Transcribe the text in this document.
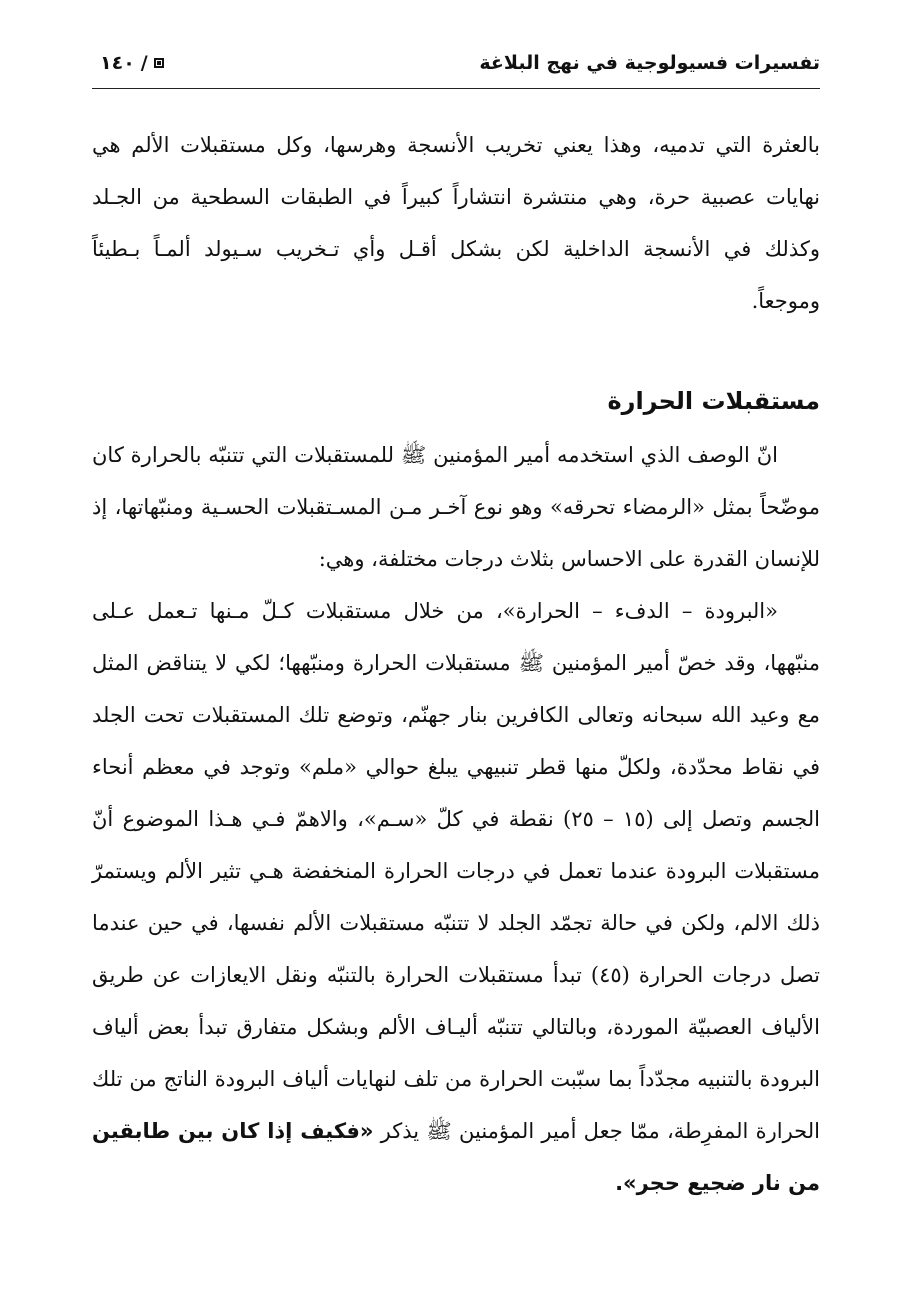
تفسيرات فسيولوجية في نهج البلاغة
١٤٠ /

بالعثرة التي تدميه، وهذا يعني تخريب الأنسجة وهرسها، وكل مستقبلات الألم هي نهايات عصبية حرة، وهي منتشرة انتشاراً كبيراً في الطبقات السطحية من الجـلد وكذلك في الأنسجة الداخلية لكن بشكل أقـل وأي تـخريب سـيولد ألمـاً بـطيئاً وموجعاً.

مستقبلات الحرارة

انّ الوصف الذي استخدمه أمير المؤمنين ﷺ للمستقبلات التي تتنبّه بالحرارة كان موضّحاً بمثل «الرمضاء تحرقه» وهو نوع آخـر مـن المسـتقبلات الحسـية ومنبّهاتها، إذ للإنسان القدرة على الاحساس بثلاث درجات مختلفة، وهي:

«البرودة – الدفء – الحرارة»، من خلال مستقبلات كـلّ مـنها تـعمل عـلى منبّهها، وقد خصّ أمير المؤمنين ﷺ مستقبلات الحرارة ومنبّهها؛ لكي لا يتناقض المثل مع وعيد الله سبحانه وتعالى الكافرين بنار جهنّم، وتوضع تلك المستقبلات تحت الجلد في نقاط محدّدة، ولكلّ منها قطر تنبيهي يبلغ حوالي «ملم» وتوجد في معظم أنحاء الجسم وتصل إلى (١٥ – ٢٥) نقطة في كلّ «سـم»، والاهمّ فـي هـذا الموضوع أنّ مستقبلات البرودة عندما تعمل في درجات الحرارة المنخفضة هـي تثير الألم ويستمرّ ذلك الالم، ولكن في حالة تجمّد الجلد لا تتنبّه مستقبلات الألم نفسها، في حين عندما تصل درجات الحرارة (٤٥) تبدأ مستقبلات الحرارة بالتنبّه ونقل الايعازات عن طريق الألياف العصبيّة الموردة، وبالتالي تتنبّه أليـاف الألم وبشكل متفارق تبدأ بعض ألياف البرودة بالتنبيه مجدّداً بما سبّبت الحرارة من تلف لنهايات ألياف البرودة الناتج من تلك الحرارة المفرِطة، ممّا جعل أمير المؤمنين ﷺ يذكر «فكيف إذا كان بين طابقين من نار ضجيع حجر».
